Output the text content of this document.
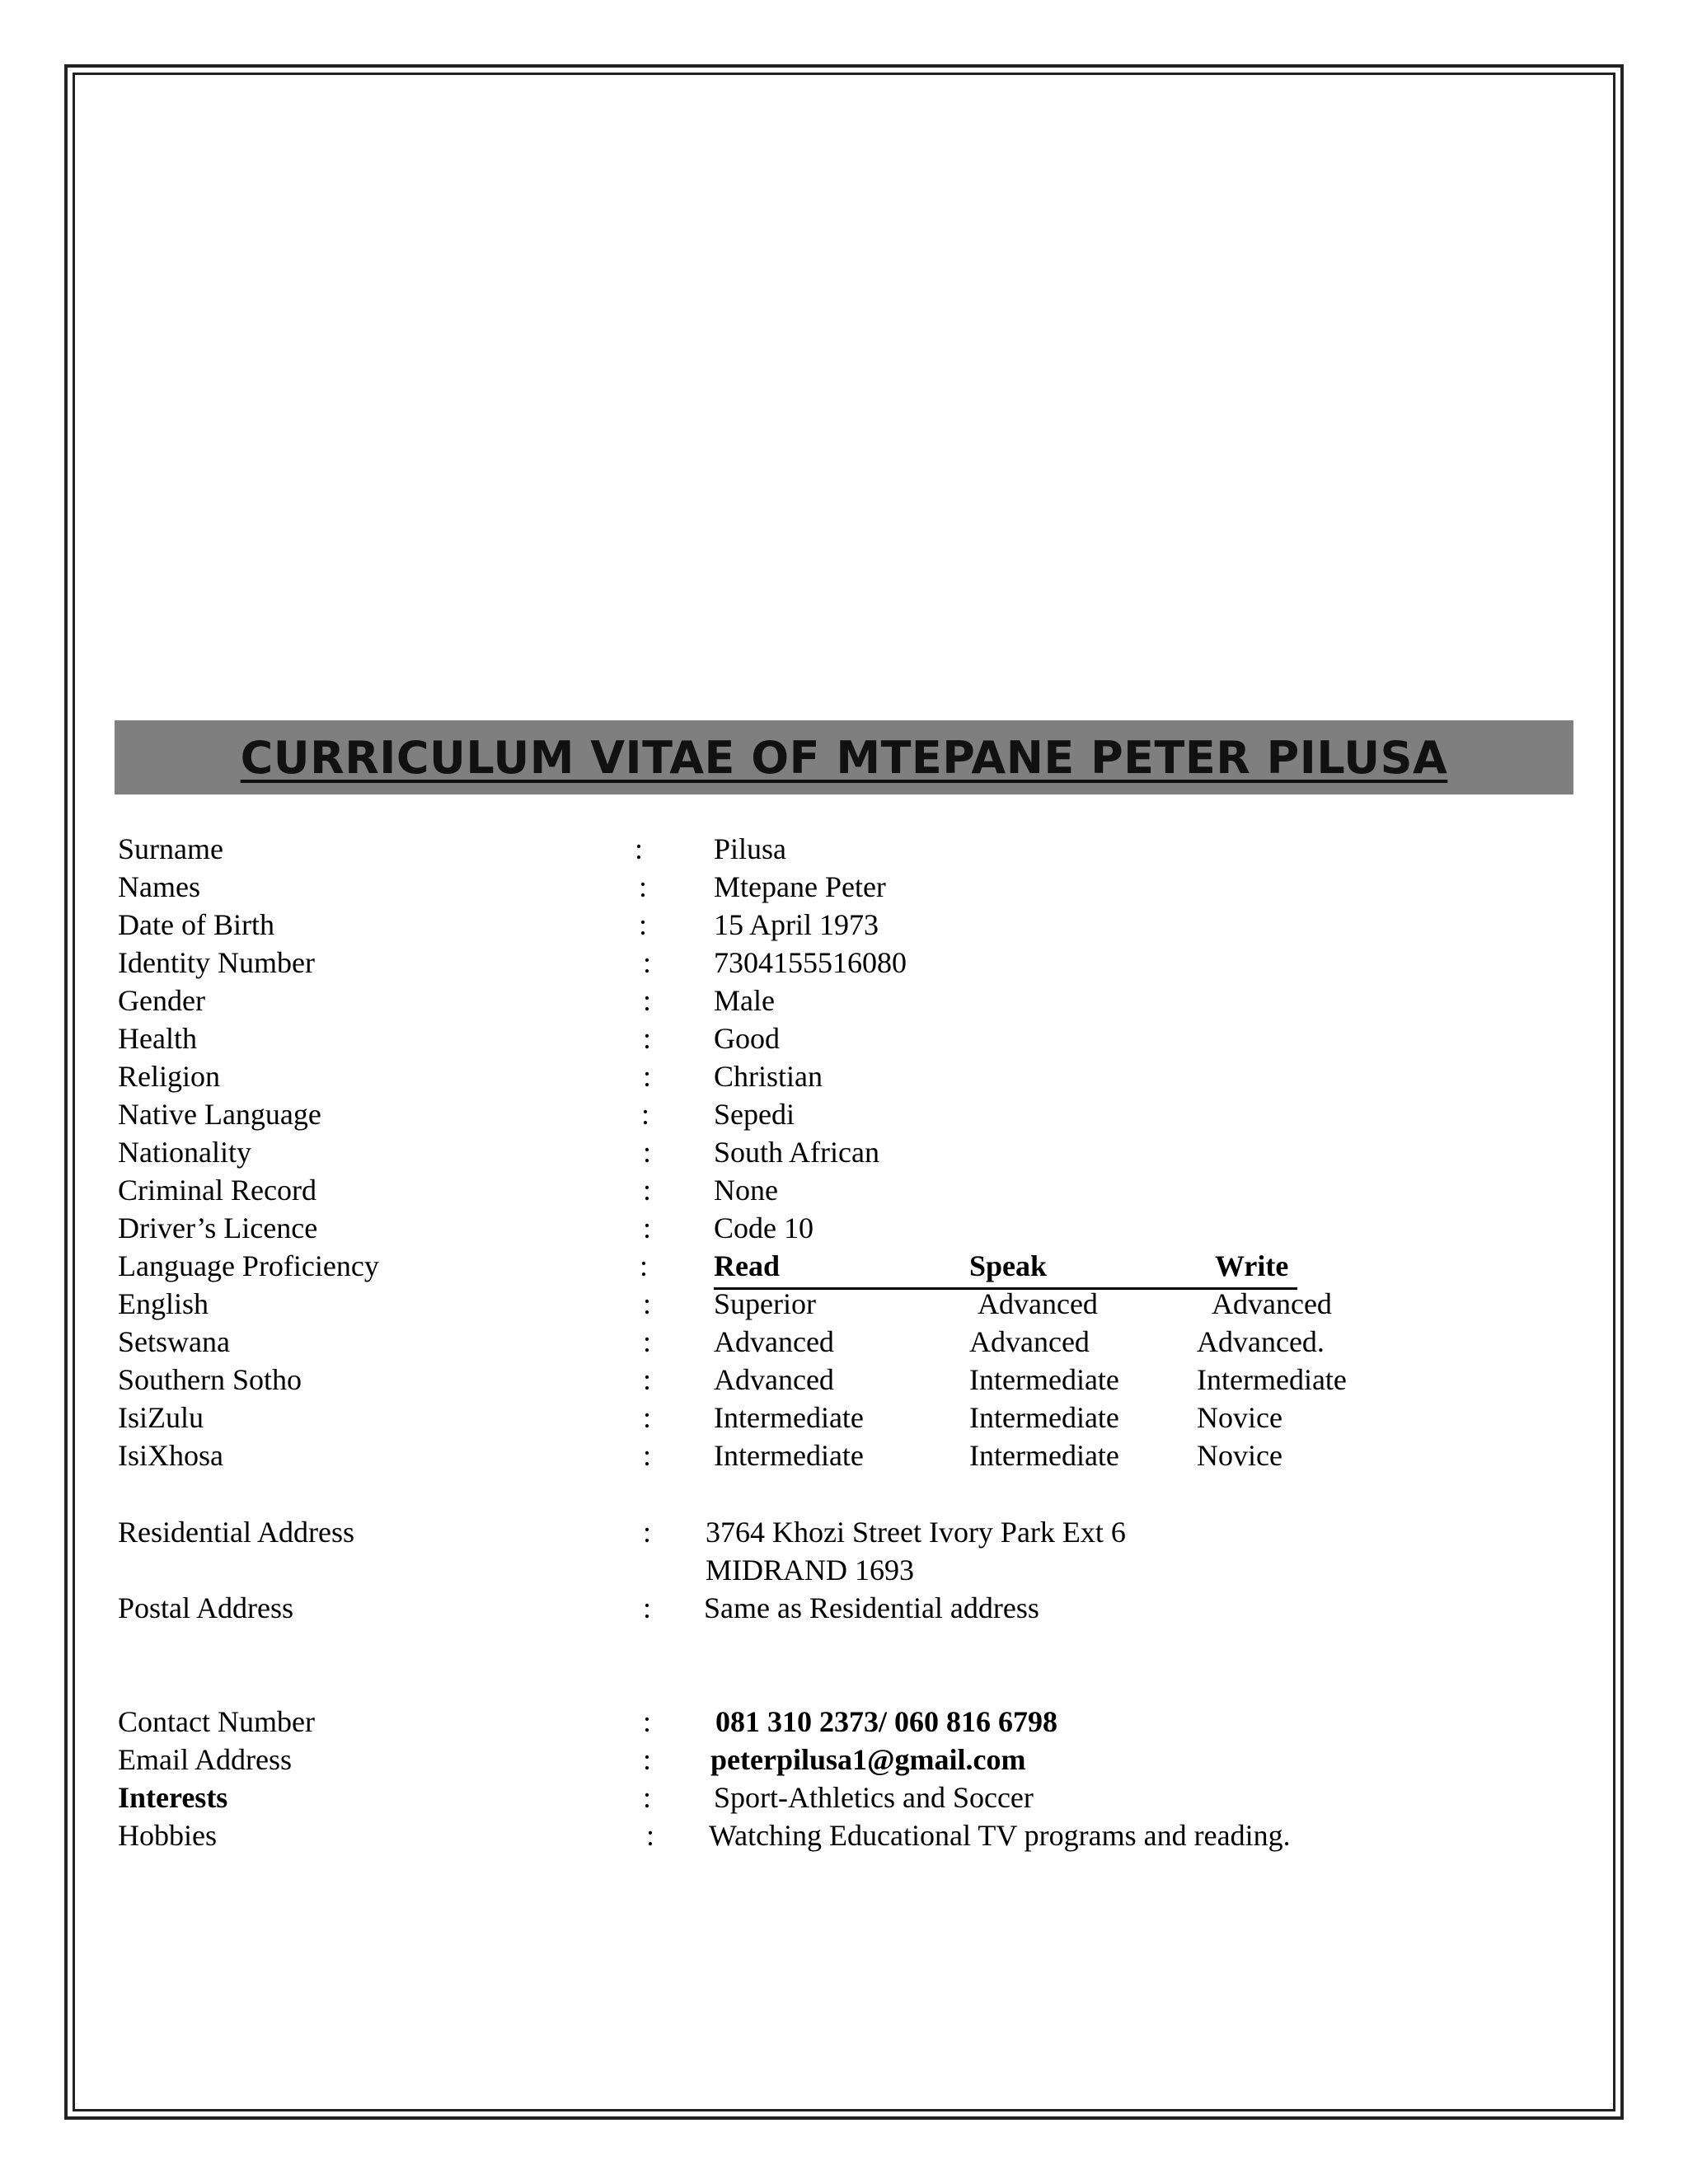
CURRICULUM VITAE OF MTEPANE PETER PILUSA
Surname	: Pilusa
Names	: Mtepane Peter
Date of Birth	: 15 April 1973
Identity Number	: 7304155516080
Gender	: Male
Health	: Good
Religion	: Christian
Native Language	: Sepedi
Nationality	: South African
Criminal Record	: None
Driver’s Licence	: Code 10
Language Proficiency	: Read	Speak	Write
English	: Superior	Advanced	Advanced
Setswana	: Advanced	Advanced	Advanced.
Southern Sotho	: Advanced	Intermediate	Intermediate
IsiZulu	: Intermediate	Intermediate	Novice
IsiXhosa	: Intermediate	Intermediate	Novice
Residential Address	: 3764 Khozi Street Ivory Park Ext 6
MIDRAND 1693
Postal Address	: Same as Residential address
Contact Number	: 081 310 2373/ 060 816 6798
Email Address	: peterpilusa1@gmail.com
Interests	: Sport-Athletics and Soccer
Hobbies	: Watching Educational TV programs and reading.
